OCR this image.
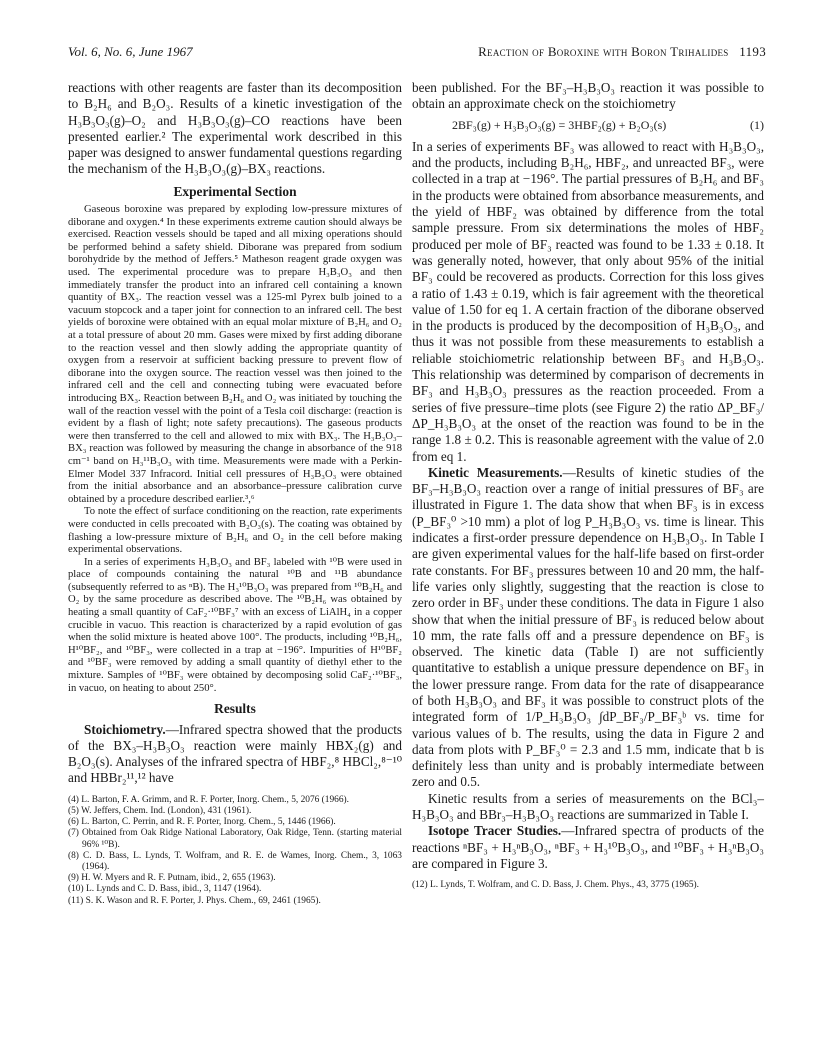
Vol. 6, No. 6, June 1967	Reaction of Boroxine with Boron Trihalides 1193

reactions with other reagents are faster than its decomposition to B₂H₆ and B₂O₃. Results of a kinetic investigation of the H₃B₃O₃(g)–O₂ and H₃B₃O₃(g)–CO reactions have been presented earlier.² The experimental work described in this paper was designed to answer fundamental questions regarding the mechanism of the H₃B₃O₃(g)–BX₃ reactions.

Experimental Section

Gaseous boroxine was prepared by exploding low-pressure mixtures of diborane and oxygen.⁴ In these experiments extreme caution should always be exercised. Reaction vessels should be taped and all mixing operations should be performed behind a safety shield. Diborane was prepared from sodium borohydride by the method of Jeffers.⁵ Matheson reagent grade oxygen was used. The experimental procedure was to prepare H₃B₃O₃ and then immediately transfer the product into an infrared cell containing a known quantity of BX₃. The reaction vessel was a 125-ml Pyrex bulb joined to a vacuum stopcock and a taper joint for connection to an infrared cell. The best yields of boroxine were obtained with an equal molar mixture of B₂H₆ and O₂ at a total pressure of about 20 mm. Gases were mixed by first adding diborane to the reaction vessel and then slowly adding the appropriate quantity of oxygen from a reservoir at sufficient backing pressure to prevent flow of diborane into the oxygen source. The reaction vessel was then joined to the infrared cell and the cell and connecting tubing were evacuated before introducing BX₃. Reaction between B₂H₆ and O₂ was initiated by touching the wall of the reaction vessel with the point of a Tesla coil discharge: (reaction is evident by a flash of light; note safety precautions). The gaseous products were then transferred to the cell and allowed to mix with BX₃. The H₃B₃O₃–BX₃ reaction was followed by measuring the change in absorbance of the 918 cm⁻¹ band on H₃¹¹B₃O₃ with time. Measurements were made with a Perkin-Elmer Model 337 Infracord. Initial cell pressures of H₃B₃O₃ were obtained from the initial absorbance and an absorbance–pressure calibration curve obtained by a procedure described earlier.³,⁶

To note the effect of surface conditioning on the reaction, rate experiments were conducted in cells precoated with B₂O₃(s). The coating was obtained by flashing a low-pressure mixture of B₂H₆ and O₂ in the cell before making experimental observations.

In a series of experiments H₃B₃O₃ and BF₃ labeled with ¹⁰B were used in place of compounds containing the natural ¹⁰B and ¹¹B abundance (subsequently referred to as ⁿB). The H₃¹⁰B₃O₃ was prepared from ¹⁰B₂H₆ and O₂ by the same procedure as described above. The ¹⁰B₂H₆ was obtained by heating a small quantity of CaF₂·¹⁰BF₃⁷ with an excess of LiAlH₄ in a copper crucible in vacuo. This reaction is characterized by a rapid evolution of gas when the solid mixture is heated above 100°. The products, including ¹⁰B₂H₆, H¹⁰BF₂, and ¹⁰BF₃, were collected in a trap at −196°. Impurities of H¹⁰BF₂ and ¹⁰BF₃ were removed by adding a small quantity of diethyl ether to the mixture. Samples of ¹⁰BF₃ were obtained by decomposing solid CaF₂·¹⁰BF₃, in vacuo, on heating to about 250°.

Results

Stoichiometry.—Infrared spectra showed that the products of the BX₃–H₃B₃O₃ reaction were mainly HBX₂(g) and B₂O₃(s). Analyses of the infrared spectra of HBF₂,⁸ HBCl₂,⁸⁻¹⁰ and HBBr₂¹¹,¹² have

(4) L. Barton, F. A. Grimm, and R. F. Porter, Inorg. Chem., 5, 2076 (1966).
(5) W. Jeffers, Chem. Ind. (London), 431 (1961).
(6) L. Barton, C. Perrin, and R. F. Porter, Inorg. Chem., 5, 1446 (1966).
(7) Obtained from Oak Ridge National Laboratory, Oak Ridge, Tenn. (starting material 96% ¹⁰B).
(8) C. D. Bass, L. Lynds, T. Wolfram, and R. E. de Wames, Inorg. Chem., 3, 1063 (1964).
(9) H. W. Myers and R. F. Putnam, ibid., 2, 655 (1963).
(10) L. Lynds and C. D. Bass, ibid., 3, 1147 (1964).
(11) S. K. Wason and R. F. Porter, J. Phys. Chem., 69, 2461 (1965).

been published. For the BF₃–H₃B₃O₃ reaction it was possible to obtain an approximate check on the stoichiometry

2BF₃(g) + H₃B₃O₃(g) = 3HBF₂(g) + B₂O₃(s)	(1)

In a series of experiments BF₃ was allowed to react with H₃B₃O₃, and the products, including B₂H₆, HBF₂, and unreacted BF₃, were collected in a trap at −196°. The partial pressures of B₂H₆ and BF₃ in the products were obtained from absorbance measurements, and the yield of HBF₂ was obtained by difference from the total sample pressure. From six determinations the moles of HBF₂ produced per mole of BF₃ reacted was found to be 1.33 ± 0.18. It was generally noted, however, that only about 95% of the initial BF₃ could be recovered as products. Correction for this loss gives a ratio of 1.43 ± 0.19, which is fair agreement with the theoretical value of 1.50 for eq 1. A certain fraction of the diborane observed in the products is produced by the decomposition of H₃B₃O₃, and thus it was not possible from these measurements to establish a reliable stoichiometric relationship between BF₃ and H₃B₃O₃. This relationship was determined by comparison of decrements in BF₃ and H₃B₃O₃ pressures as the reaction proceeded. From a series of five pressure–time plots (see Figure 2) the ratio ΔP_BF₃/ΔP_H₃B₃O₃ at the onset of the reaction was found to be in the range 1.8 ± 0.2. This is reasonable agreement with the value of 2.0 from eq 1.

Kinetic Measurements.—Results of kinetic studies of the BF₃–H₃B₃O₃ reaction over a range of initial pressures of BF₃ are illustrated in Figure 1. The data show that when BF₃ is in excess (P_BF₃⁰ >10 mm) a plot of log P_H₃B₃O₃ vs. time is linear. This indicates a first-order pressure dependence on H₃B₃O₃. In Table I are given experimental values for the half-life based on first-order rate constants. For BF₃ pressures between 10 and 20 mm, the half-life varies only slightly, suggesting that the reaction is close to zero order in BF₃ under these conditions. The data in Figure 1 also show that when the initial pressure of BF₃ is reduced below about 10 mm, the rate falls off and a pressure dependence on BF₃ is observed. The kinetic data (Table I) are not sufficiently quantitative to establish a unique pressure dependence on BF₃ in the lower pressure range. From data for the rate of disappearance of both H₃B₃O₃ and BF₃ it was possible to construct plots of the integrated form of 1/P_H₃B₃O₃ ∫dP_BF₃/P_BF₃ᵇ vs. time for various values of b. The results, using the data in Figure 2 and data from plots with P_BF₃⁰ = 2.3 and 1.5 mm, indicate that b is definitely less than unity and is probably intermediate between zero and 0.5.

Kinetic results from a series of measurements on the BCl₃–H₃B₃O₃ and BBr₃–H₃B₃O₃ reactions are summarized in Table I.

Isotope Tracer Studies.—Infrared spectra of products of the reactions ⁿBF₃ + H₃ⁿB₃O₃, ⁿBF₃ + H₃¹⁰B₃O₃, and ¹⁰BF₃ + H₃ⁿB₃O₃ are compared in Figure 3.

(12) L. Lynds, T. Wolfram, and C. D. Bass, J. Chem. Phys., 43, 3775 (1965).
